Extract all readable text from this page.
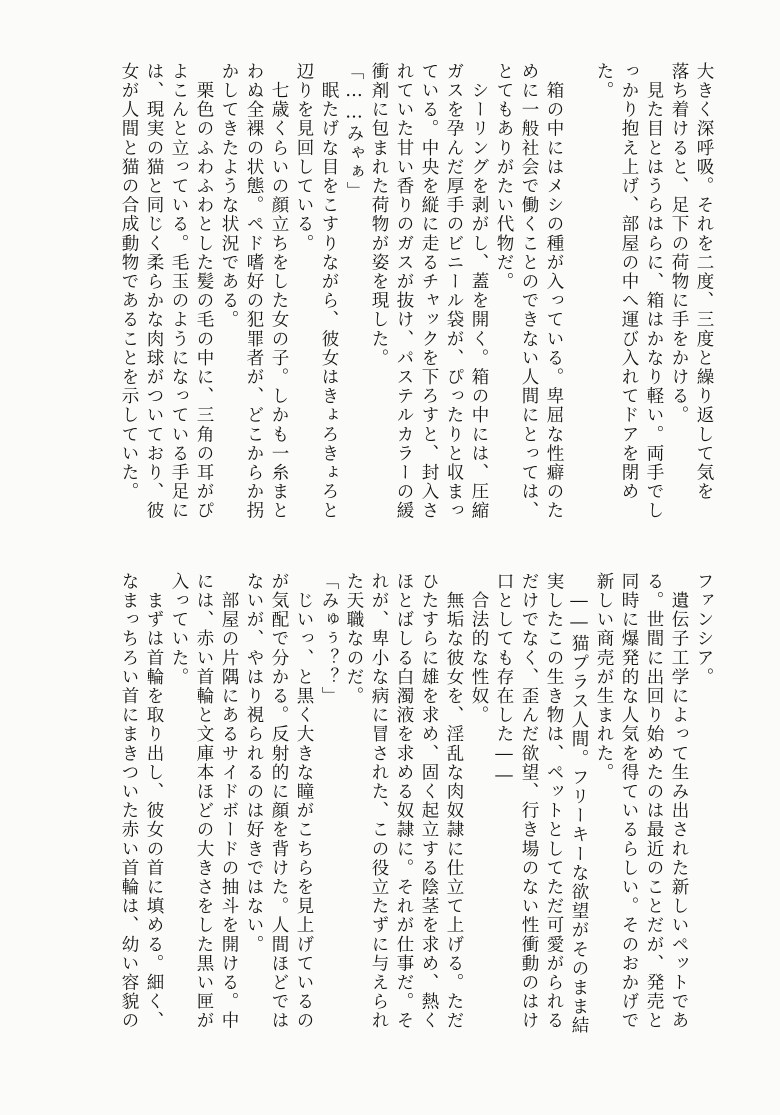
大きく深呼吸。それを二度、三度と繰り返して気を
落ち着けると、足下の荷物に手をかける。
　見た目とはうらはらに、箱はかなり軽い。両手でし
っかり抱え上げ、部屋の中へ運び入れてドアを閉め
た。

　箱の中にはメシの種が入っている。卑屈な性癖のた
めに一般社会で働くことのできない人間にとっては、
とてもありがたい代物だ。
　シーリングを剥がし、蓋を開く。箱の中には、圧縮
ガスを孕んだ厚手のビニール袋が、ぴったりと収まっ
ている。中央を縦に走るチャックを下ろすと、封入さ
れていた甘い香りのガスが抜け、パステルカラーの緩
衝剤に包まれた荷物が姿を現した。
「……みゃぁ」
　眠たげな目をこすりながら、彼女はきょろきょろと
辺りを見回している。
　七歳くらいの顔立ちをした女の子。しかも一糸まと
わぬ全裸の状態。ペド嗜好の犯罪者が、どこからか拐
かしてきたような状況である。
　栗色のふわふわとした髪の毛の中に、三角の耳がぴ
よこんと立っている。毛玉のようになっている手足に
は、現実の猫と同じく柔らかな肉球がついており、彼
女が人間と猫の合成動物であることを示していた。
ファンシア。
　遺伝子工学によって生み出された新しいペットであ
る。世間に出回り始めたのは最近のことだが、発売と
同時に爆発的な人気を得ているらしい。そのおかげで
新しい商売が生まれた。
　――猫プラス人間。フリーキーな欲望がそのまま結
実したこの生き物は、ペットとしてただ可愛がられる
だけでなく、歪んだ欲望、行き場のない性衝動のはけ
口としても存在した――
　合法的な性奴。
　無垢な彼女を、淫乱な肉奴隷に仕立て上げる。ただ
ひたすらに雄を求め、固く起立する陰茎を求め、熱く
ほとばしる白濁液を求める奴隷に。それが仕事だ。そ
れが、卑小な病に冒された、この役立たずに与えられ
た天職なのだ。
「みゅぅ？？」
　じいっ、と黒く大きな瞳がこちらを見上げているの
が気配で分かる。反射的に顔を背けた。人間ほどでは
ないが、やはり視られるのは好きではない。
　部屋の片隅にあるサイドボードの抽斗を開ける。中
には、赤い首輪と文庫本ほどの大きさをした黒い匣が
入っていた。
　まずは首輪を取り出し、彼女の首に填める。細く、
なまっちろい首にまきついた赤い首輪は、幼い容貌の
